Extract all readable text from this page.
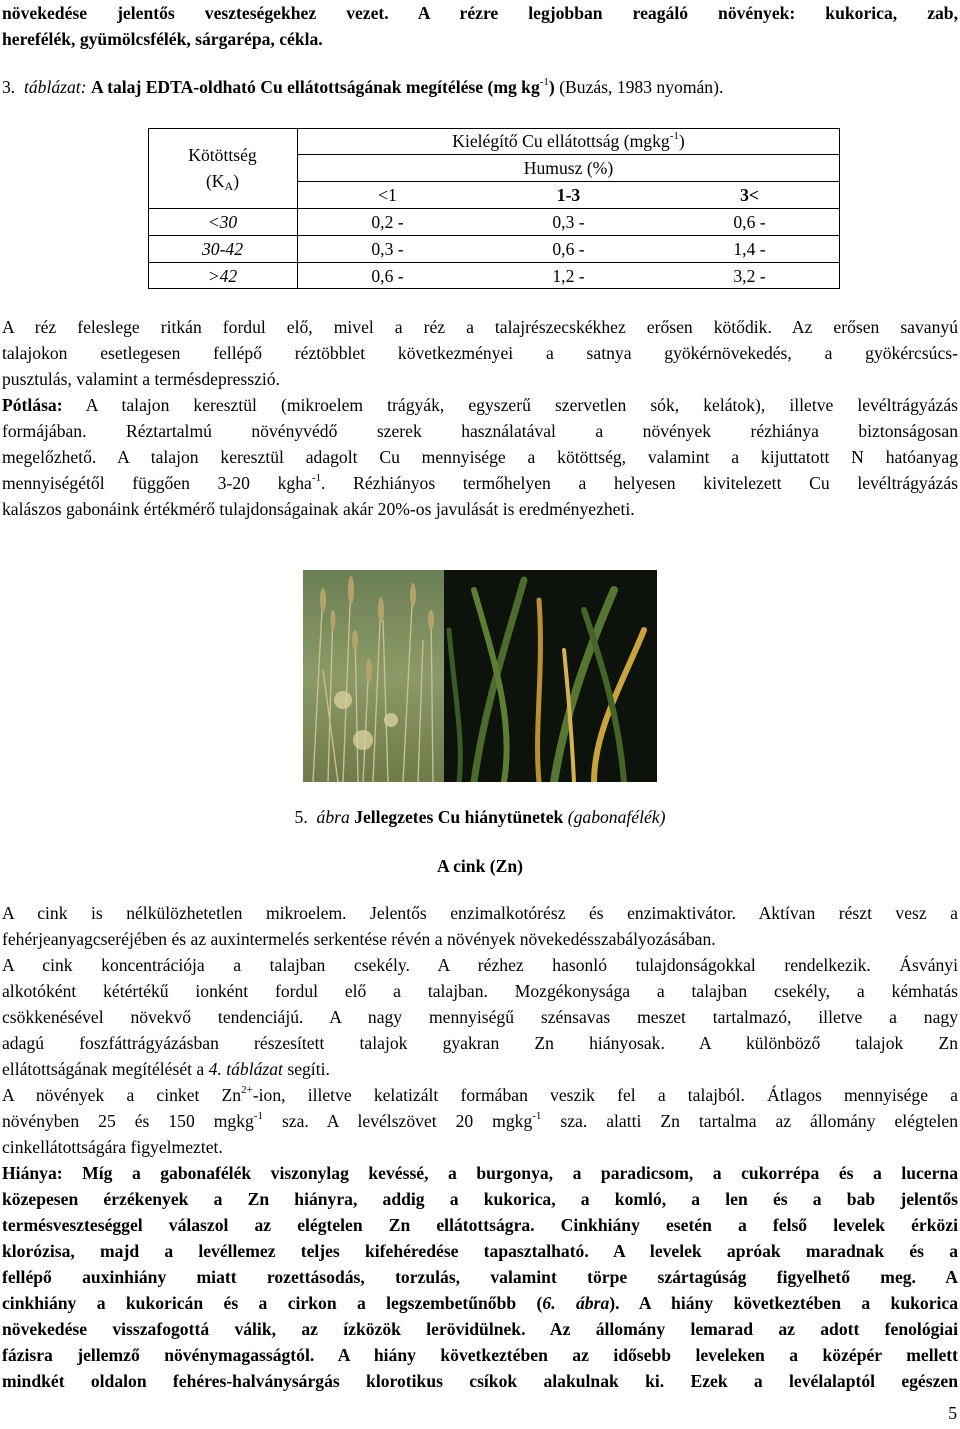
növekedése jelentős veszteségekhez vezet. A rézre legjobban reagáló növények: kukorica, zab,
herefélék, gyümölcsfélék, sárgarépa, cékla.
3. táblázat: A talaj EDTA-oldható Cu ellátottságának megítélése (mg $kg^{-1}$) (Buzás, 1983 nyomán).
Kötöttség
$(K_A)$
Kielégítő Cu ellátottság (mgkg$^{-1}$)
Humusz (%)
<1	1-3	3<
<30	0,2 -	0,3 -	0,6 -
30-42	0,3 -	0,6 -	1,4 -
>42	0,6 -	1,2 -	3,2 -
A réz feleslege ritkán fordul elő, mivel a réz a talajrészecskékhez erősen kötődik. Az erősen savanyú
talajokon esetlegesen fellépő réztöbblet következményei a satnya gyökérnövekedés, a gyökércsúcs-
pusztulás, valamint a termésdepresszió.
Pótlása: A talajon keresztül (mikroelem trágyák, egyszerű szervetlen sók, kelátok), illetve levéltrágyázás
formájában. Réztartalmú növényvédő szerek használatával a növények rézhiánya biztonságosan
megelőzhető. A talajon keresztül adagolt Cu mennyisége a kötöttség, valamint a kijuttatott N hatóanyag
mennyiségétől függően 3-20 kgha$^{-1}$. Rézhiányos termőhelyen a helyesen kivitelezett Cu levéltrágyázás
kalászos gabonáink értékmérő tulajdonságainak akár 20%-os javulását is eredményezheti.
5. ábra Jellegzetes Cu hiánytünetek (gabonafélék)
A cink (Zn)
A cink is nélkülözhetetlen mikroelem. Jelentős enzimalkotórész és enzimaktivátor. Aktívan részt vesz a
fehérjeanyagcseréjében és az auxintermelés serkentése révén a növények növekedésszabályozásában.
A cink koncentrációja a talajban csekély. A rézhez hasonló tulajdonságokkal rendelkezik. Ásványi
alkotóként kétértékű ionként fordul elő a talajban. Mozgékonysága a talajban csekély, a kémhatás
csökkenésével növekvő tendenciájú. A nagy mennyiségű szénsavas meszet tartalmazó, illetve a nagy
adagú foszfáttrágyázásban részesített talajok gyakran Zn hiányosak. A különböző talajok Zn
ellátottságának megítélését a 4. táblázat segíti.
A növények a cinket $Zn^{2+}$-ion, illetve kelatizált formában veszik fel a talajból. Átlagos mennyisége a
növényben 25 és 150 mgkg$^{-1}$ sza. A levélszövet 20 mgkg$^{-1}$ sza. alatti Zn tartalma az állomány elégtelen
cinkellátottságára figyelmeztet.
Hiánya: Míg a gabonafélék viszonylag kevéssé, a burgonya, a paradicsom, a cukorrépa és a lucerna
közepesen érzékenyek a Zn hiányra, addig a kukorica, a komló, a len és a bab jelentős
termésveszteséggel válaszol az elégtelen Zn ellátottságra. Cinkhiány esetén a felső levelek érközi
klorózisa, majd a levéllemez teljes kifehéredése tapasztalható. A levelek apróak maradnak és a
fellépő auxinhiány miatt rozettásodás, torzulás, valamint törpe szártagúság figyelhető meg. A
cinkhiány a kukoricán és a cirkon a legszembetűnőbb (6. ábra). A hiány következtében a kukorica
növekedése visszafogottá válik, az ízközök lerövidülnek. Az állomány lemarad az adott fenológiai
fázisra jellemző növénymagasságtól. A hiány következtében az idősebb leveleken a középér mellett
mindkét oldalon fehéres-halványsárgás klorotikus csíkok alakulnak ki. Ezek a levélalaptól egészen
5
